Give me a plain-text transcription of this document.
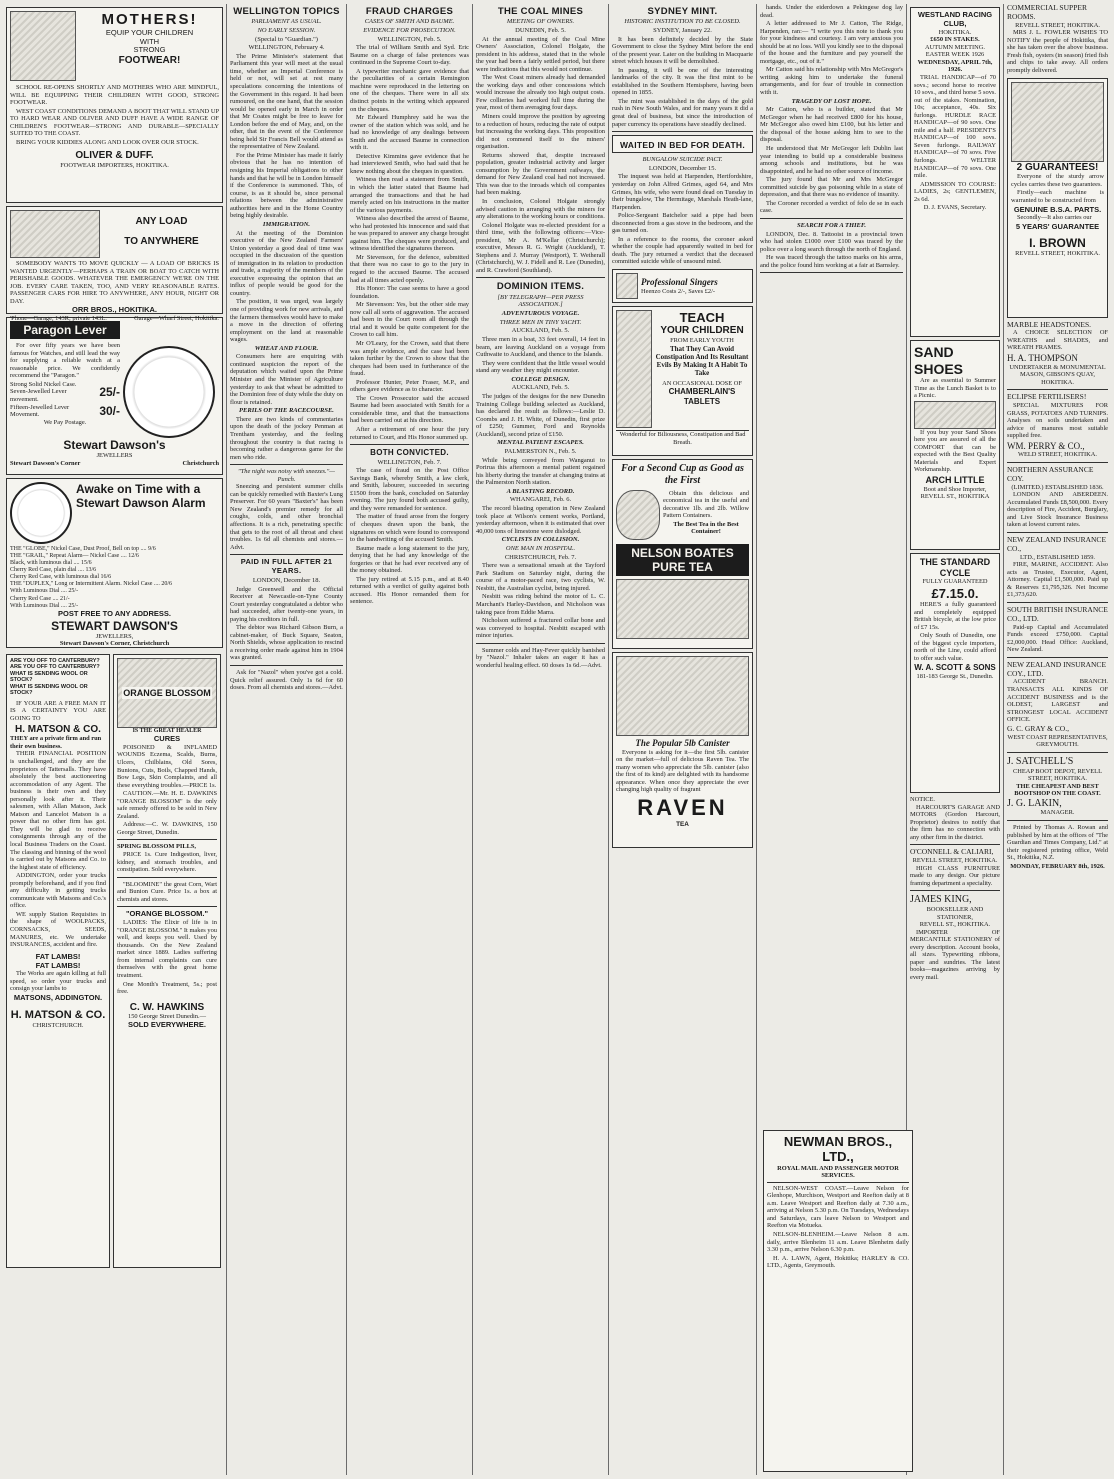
MOTHERS!
EQUIP YOUR CHILDREN
WITH
STRONG
FOOTWEAR!

SCHOOL RE-OPENS SHORTLY AND MOTHERS WHO ARE MINDFUL, WILL BE EQUIPPING THEIR CHILDREN WITH GOOD, STRONG FOOTWEAR.

WEST COAST CONDITIONS DEMAND A BOOT THAT WILL STAND UP TO HARD WEAR AND OLIVER AND DUFF HAVE A WIDE RANGE OF CHILDREN'S FOOTWEAR—STRONG AND DURABLE—SPECIALLY SUITED TO THE COAST.

BRING YOUR KIDDIES ALONG AND LOOK OVER OUR STOCK.

OLIVER & DUFF.
FOOTWEAR IMPORTERS, HOKITIKA.
ANY LOAD
TO ANYWHERE

SOMEBODY WANTS TO MOVE QUICKLY — A LOAD OF BRICKS IS WANTED URGENTLY—PERHAPS A TRAIN OR BOAT TO CATCH WITH PERISHABLE GOODS. WHATEVER THE EMERGENCY WE'RE ON THE JOB. EVERY CARE TAKEN, TOO, AND VERY REASONABLE RATES. PASSENGER CARS FOR HIRE TO ANYWHERE, ANY HOUR, NIGHT OR DAY.

ORR BROS., HOKITIKA.
'Phone—Garage, 143R; private 143L.	Garage—Wharf Street, Hokitika.
Paragon Lever

For over fifty years we have been famous for Watches, and still lead the way for supplying a reliable watch at a reasonable price. We confidently recommend the "Paragon."

Strong Solid Nickel Case. Seven-Jewelled Lever movement.
25/-
Fifteen-Jewelled Lever Movement.	30/-
We Pay Postage.
Stewart Dawson's
JEWELLERS
Stewart Dawson's Corner	Christchurch
Awake on Time with a Stewart Dawson Alarm
THE "GLOBE," Nickel Case, Dust Proof, Bell on top .... 9/6
THE "GRAIL," Repeat Alarm— Nickel Case .... 12/6
Black, with luminous dial .... 15/6
Cherry Red Case, plain dial .... 13/6
Cherry Red Case, with luminous dial 16/6
THE "DUPLEX," Long or Intermittent Alarm. Nickel Case .... 20/6
With Luminous Dial .... 25/-
Cherry Red Case .... 21/-
With Luminous Dial .... 25/-
POST FREE TO ANY ADDRESS.
STEWART DAWSON'S
JEWELLERS,
Stewart Dawson's Corner, Christchurch
ARE YOU OFF TO CANTERBURY?
ARE YOU OFF TO CANTERBURY?
WHAT IS SENDING WOOL OR STOCK?
WHAT IS SENDING WOOL OR STOCK?

IF YOUR ARE A FREE MAN IT IS A CERTAINTY YOU ARE GOING TO

H. MATSON & CO.
THEY are a private firm and run their own business.

THEIR FINANCIAL POSITION is unchallenged, and they are the proprietors of Tattersalls. They have absolutely the best auctioneering accommodation of any Agent. The business is their own and they personally look after it. Their salesmen, with Allan Matson, Jack Matson and Lancelot Matson is a power that no other firm has got. They will be glad to receive consignments through any of the local Business Traders on the Coast. The classing and binning of the wool is carried out by Matsons and Co. to the highest state of efficiency.

ADDINGTON, order your trucks promptly beforehand, and if you find any difficulty in getting trucks communicate with Matsons and Co.'s office.

WE supply Station Requisites in the shape of WOOLPACKS, CORNSACKS, SEEDS, MANURES, etc. We undertake INSURANCES, accident and fire.

FAT LAMBS!
FAT LAMBS!

The Works are again killing at full speed, so order your trucks and consign your lambs to

MATSONS, ADDINGTON.
H. MATSON & CO.
CHRISTCHURCH.
ORANGE BLOSSOM
IS THE GREAT HEALER
CURES

POISONED & INFLAMED WOUNDS Eczema, Scalds, Burns, Ulcers, Chilblains, Old Sores, Bunions, Cuts, Boils, Chapped Hands, Bow Legs, Skin Complaints, and all these everything troubles.—PRICE 1s.

CAUTION.—Mr. H. E. DAWKINS "ORANGE BLOSSOM" is the only safe remedy offered to be sold in New Zealand.

Address:—C. W. DAWKINS, 150 George Street, Dunedin.

SPRING BLOSSOM PILLS,

PRICE 1s. Cure Indigestion, liver, kidney, and stomach troubles, and constipation. Sold everywhere.

"BLOOMINE" the great Corn, Wart and Bunion Cure. Price 1s. a box at chemists and stores.

"ORANGE BLOSSOM."

LADIES: The Elixir of life is in "ORANGE BLOSSOM." It makes you well, and keeps you well. Used by thousands. On the New Zealand market since 1889. Ladies suffering from internal complaints can cure themselves with the great home treatment.

One Month's Treatment, 5s.; post free.

C. W. HAWKINS
150 George Street Dunedin.—
SOLD EVERYWHERE.
WELLINGTON TOPICS
PARLIAMENT AS USUAL.
NO EARLY SESSION.
(Special to "Guardian.")
WELLINGTON, February 4.

The Prime Minister's statement that Parliament this year will meet at the usual time, whether an Imperial Conference is held or not, will set at rest many speculations concerning the intentions of the Government in this regard. It had been rumoured, on the one hand, that the session would be opened early in March in order that Mr Coates might be free to leave for London before the end of May, and, on the other, that in the event of the Conference being held Sir Francis Bell would attend as the representative of New Zealand.

For the Prime Minister has made it fairly obvious that he has no intention of resigning his Imperial obligations to other hands and that he will be in London himself if the Conference is summoned. This, of course, is as it should be, since personal relations between the administrative authorities here and in the Home Country being highly desirable.

IMMIGRATION.

At the meeting of the Dominion executive of the New Zealand Farmers' Union yesterday a good deal of time was occupied in the discussion of the question of immigration in its relation to production and trade, a majority of the members of the executive expressing the opinion that an influx of people would be good for the country.

The position, it was urged, was largely one of providing work for new arrivals, and the farmers themselves would have to make a move in the direction of offering employment on the land at reasonable wages.

WHEAT AND FLOUR.

Consumers here are enquiring with continued suspicion the report of the deputation which waited upon the Prime Minister and the Minister of Agriculture yesterday to ask that wheat be admitted to the Dominion free of duty while the duty on flour is retained.

PERILS OF THE RACECOURSE.

There are two kinds of commentaries upon the death of the jockey Penman at Trentham yesterday, and the feeling throughout the country is that racing is becoming rather a dangerous game for the men who ride.

"The night was noisy with sneezes."—Punch.

Sneezing and persistent summer chills can be quickly remedied with Baxter's Lung Preserver. For 60 years "Baxter's" has been New Zealand's premier remedy for all coughs, colds, and other bronchial affections. It is a rich, penetrating specific that gets to the root of all throat and chest troubles. 1s 6d all chemists and stores.—Advt.

PAID IN FULL AFTER 21 YEARS.
LONDON, December 18.

Judge Greenwell and the Official Receiver at Newcastle-on-Tyne County Court yesterday congratulated a debtor who had succeeded, after twenty-one years, in paying his creditors in full.

The debtor was Richard Gibson Burn, a cabinet-maker, of Buck Square, Seaton, North Shields, whose application to rescind a receiving order made against him in 1904 was granted.

Ask for "Nazol" when you've got a cold. Quick relief assured. Only 1s 6d for 60 doses. From all chemists and stores.—Advt.

FRAUD CHARGES
CASES OF SMITH AND BAUME.
EVIDENCE FOR PROSECUTION.
WELLINGTON, Feb. 5.

The trial of William Smith and Syd. Eric Baume on a charge of false pretences was continued in the Supreme Court to-day.

A typewriter mechanic gave evidence that the peculiarities of a certain Remington machine were reproduced in the lettering on one of the cheques. There were in all six distinct points in the writing which appeared on the cheques.

Mr Edward Humphrey said he was the owner of the station which was sold, and he had no knowledge of any dealings between Smith and the accused Baume in connection with it.

Detective Kimmins gave evidence that he had interviewed Smith, who had said that he knew nothing about the cheques in question.

Witness then read a statement from Smith, in which the latter stated that Baume had arranged the transactions and that he had merely acted on his instructions in the matter of the various payments.

Witness also described the arrest of Baume, who had protested his innocence and said that he was prepared to answer any charge brought against him. The cheques were produced, and witness identified the signatures thereon.

Mr Stevenson, for the defence, submitted that there was no case to go to the jury in regard to the accused Baume. The accused had at all times acted openly.

His Honor: The case seems to have a good foundation.

Mr Stevenson: Yes, but the other side may now call all sorts of aggravation. The accused had been in the Court room all through the trial and it would be quite competent for the Crown to call him.

Mr O'Leary, for the Crown, said that there was ample evidence, and the case had been taken further by the Crown to show that the cheques had been used in furtherance of the fraud.

Professor Hunter, Peter Fraser, M.P., and others gave evidence as to character.

The Crown Prosecutor said the accused Baume had been associated with Smith for a considerable time, and that the transactions had been carried out at his direction.

After a retirement of one hour the jury returned to Court, and His Honor summed up.

BOTH CONVICTED.
WELLINGTON, Feb. 7.

The case of fraud on the Post Office Savings Bank, whereby Smith, a law clerk, and Smith, labourer, succeeded in securing £1500 from the bank, concluded on Saturday evening. The jury found both accused guilty, and they were remanded for sentence.

The matter of fraud arose from the forgery of cheques drawn upon the bank, the signatures on which were found to correspond to the handwriting of the accused Smith.

Baume made a long statement to the jury, denying that he had any knowledge of the forgeries or that he had ever received any of the money obtained.

The jury retired at 5.15 p.m., and at 8.40 returned with a verdict of guilty against both accused. His Honor remanded them for sentence.

THE COAL MINES
MEETING OF OWNERS.
DUNEDIN, Feb. 5.

At the annual meeting of the Coal Mine Owners' Association, Colonel Holgate, the president in his address, stated that in the whole the year had been a fairly settled period, but there were indications that this would not continue.

The West Coast miners already had demanded the working days and other concessions which would increase the already too high output costs. Few collieries had worked full time during the year, most of them averaging four days.

Miners could improve the position by agreeing to a reduction of hours, reducing the rate of output but increasing the working days. This proposition did not commend itself to the miners' organisation.

Returns showed that, despite increased population, greater industrial activity and larger consumption by the Government railways, the demand for New Zealand coal had not increased. This was due to the inroads which oil companies had been making.

In conclusion, Colonel Holgate strongly advised caution in arranging with the miners for any alterations to the working hours or conditions.

Colonel Holgate was re-elected president for a third time, with the following officers:—Vice-president, Mr A. M'Kellar (Christchurch); executive, Messrs R. G. Wright (Auckland), T. Stephens and J. Murray (Westport), T. Wetherall (Christchurch), W. J. Fidell and R. Lee (Dunedin), and R. Crawford (Southland).

DOMINION ITEMS.
[BY TELEGRAPH—PER PRESS ASSOCIATION.]
ADVENTUROUS VOYAGE.
THREE MEN IN TINY YACHT.
AUCKLAND, Feb. 5.

Three men in a boat, 33 feet overall, 14 feet in beam, are leaving Auckland on a voyage from Cuthwaite to Auckland, and thence to the Islands.

They were confident that the little vessel would stand any weather they might encounter.

COLLEGE DESIGN.
AUCKLAND, Feb. 5.

The judges of the designs for the new Dunedin Training College building selected as Auckland, has declared the result as follows:—Leslie D. Coombs and J. H. White, of Dunedin, first prize of £250; Gummer, Ford and Reynolds (Auckland), second prize of £150.

MENTAL PATIENT ESCAPES.
PALMERSTON N., Feb. 5.

While being conveyed from Wanganui to Porirua this afternoon a mental patient regained his liberty during the transfer at changing trains at the Palmerston North station.

A BLASTING RECORD.
WHANGAREI, Feb. 6.

The record blasting operation in New Zealand took place at Wilson's cement works, Portland, yesterday afternoon, when it is estimated that over 40,000 tons of limestone were dislodged.

CYCLISTS IN COLLISION.
ONE MAN IN HOSPITAL.
CHRISTCHURCH, Feb. 7.

There was a sensational smash at the Tayford Park Stadium on Saturday night, during the course of a motor-paced race, two cyclists, W. Nesbitt, the Australian cyclist, being injured.

Nesbitt was riding behind the motor of L. C. Marchant's Harley-Davidson, and Nicholson was taking pace from Eddie Marra.

Nicholson suffered a fractured collar bone and was conveyed to hospital. Nesbitt escaped with minor injuries.

Summer colds and Hay-Fever quickly banished by "Nazol." Inhaler takes an eager it has a wonderful healing effect. 60 doses 1s 6d.—Advt.

SYDNEY MINT.
HISTORIC INSTITUTION TO BE CLOSED.
SYDNEY, January 22.

It has been definitely decided by the State Government to close the Sydney Mint before the end of the present year. Later on the building in Macquarie street which houses it will be demolished.

In passing, it will be one of the interesting landmarks of the city. It was the first mint to be established in the Southern Hemisphere, having been opened in 1855.

The mint was established in the days of the gold rush in New South Wales, and for many years it did a great deal of business, but since the introduction of paper currency its operations have steadily declined.

WAITED IN BED FOR DEATH.
BUNGALOW SUICIDE PACT.
LONDON, December 15.

The inquest was held at Harpenden, Hertfordshire, yesterday on John Alfred Grimes, aged 64, and Mrs Grimes, his wife, who were found dead on Tuesday in their bungalow, The Hermitage, Marshals Heath-lane, Harpenden.

Police-Sergeant Batchelor said a pipe had been disconnected from a gas stove in the bedroom, and the gas turned on.

In a reference to the rooms, the coroner asked whether the couple had apparently waited in bed for death. The jury returned a verdict that the deceased committed suicide while of unsound mind.

Professional Singers
Heenzo Costs 2/-, Saves £2/-
TEACH
YOUR CHILDREN
FROM EARLY YOUTH
That They Can Avoid Constipation And Its Resultant Evils By Making It A Habit To Take
AN OCCASIONAL DOSE OF
CHAMBERLAIN'S TABLETS
Wonderful for Biliousness, Constipation and Bad Breath.
For a Second Cup as Good as the First

Obtain this delicious and economical tea in the useful and decorative 1lb. and 2lb. Willow Pattern Containers.

The Best Tea in the Best Container!
NELSON BOATES PURE TEA
The Popular 5lb Canister

Everyone is asking for it—the first 5lb. canister on the market—full of delicious Raven Tea. The many women who appreciate the 5lb. canister (also the first of its kind) are delighted with its handsome appearance. When once they appreciate the ever changing high quality of fragrant

RAVEN
TEA

hands. Under the eiderdown a Pekingese dog lay dead.

A letter addressed to Mr J. Catton, The Ridge, Harpenden, ran:— "I write you this note to thank you for your kindness and courtesy. I am very anxious you should be at no loss. Will you kindly see to the disposal of the house and the furniture and pay yourself the mortgage, etc., out of it."

Mr Catton said his relationship with Mrs McGregor's writing asking him to undertake the funeral arrangements, and for fear of trouble in connection with it.

TRAGEDY OF LOST HOPE.

Mr Catton, who is a builder, stated that Mr McGregor when he had received £800 for his house, Mr McGregor also owed him £100, but his letter and the disposal of the house asking him to see to the disposal.

He understood that Mr McGregor left Dublin last year intending to build up a considerable business among schools and institutions, but he was disappointed, and he had no other source of income.

The jury found that Mr and Mrs McGregor committed suicide by gas poisoning while in a state of depression, and that there was no evidence of insanity.

The Coroner recorded a verdict of felo de se in each case.

SEARCH FOR A THIEF.

LONDON, Dec. 8. Tattooist in a provincial town who had stolen £1000 over £100 was traced by the police over a long search through the north of England.

He was traced through the tattoo marks on his arms, and the police found him working at a fair at Barnsley.

NEWMAN BROS., LTD.,
ROYAL MAIL AND PASSENGER MOTOR SERVICES.

NELSON-WEST COAST.—Leave Nelson for Glenhope, Murchison, Westport and Reefton daily at 8 a.m. Leave Westport and Reefton daily at 7.30 a.m., arriving at Nelson 5.30 p.m. On Tuesdays, Wednesdays and Saturdays, cars leave Nelson to Westport and Reefton via Motueka.

NELSON-BLENHEIM.—Leave Nelson 8 a.m. daily, arrive Blenheim 11 a.m. Leave Blenheim daily 3.30 p.m., arrive Nelson 6.30 p.m.

H. A. LAWN, Agent, Hokitika; HARLEY & CO. LTD., Agents, Greymouth.

WESTLAND RACING CLUB,
HOKITIKA.
£650 IN STAKES.
AUTUMN MEETING.
EASTER WEEK 1926
WEDNESDAY, APRIL 7th, 1926.

TRIAL HANDICAP—of 70 sovs.; second horse to receive 10 sovs., and third horse 5 sovs. out of the stakes. Nomination, 10s; acceptance, 40s. Six furlongs. HURDLE RACE HANDICAP—of 90 sovs. One mile and a half. PRESIDENT'S HANDICAP—of 100 sovs. Seven furlongs. RAILWAY HANDICAP—of 70 sovs. Five furlongs. WELTER HANDICAP—of 70 sovs. One mile.

ADMISSION TO COURSE: LADIES, 2s; GENTLEMEN, 2s 6d.

D. J. EVANS, Secretary.
SAND SHOES

Are as essential to Summer Time as the Lunch Basket is to a Picnic.

If you buy your Sand Shoes here you are assured of all the COMFORT that can be expected with the Best Quality Materials and Expert Workmanship.

ARCH LITTLE
Boot and Shoe Importer, REVELL ST., HOKITIKA
THE STANDARD CYCLE
FULLY GUARANTEED
£7.15.0.

HERE'S a fully guaranteed and completely equipped British bicycle, at the low price of £7 15s.

Only South of Dunedin, one of the biggest cycle importers, north of the Line, could afford to offer such value.

W. A. SCOTT & SONS
181-183 George St., Dunedin.
NOTICE.

HARCOURT'S GARAGE AND MOTORS (Gordon Harcourt, Proprietor) desires to notify that the firm has no connection with any other firm in the district.

O'CONNELL & CALIARI,
REVELL STREET, HOKITIKA.

HIGH CLASS FURNITURE made to any design. Our picture framing department a speciality.

JAMES KING,
BOOKSELLER AND STATIONER,
REVELL ST., HOKITIKA.

IMPORTER OF MERCANTILE STATIONERY of every description. Account books, all sizes. Typewriting ribbons, paper and sundries. The latest books—magazines arriving by every mail.

COMMERCIAL SUPPER ROOMS.
REVELL STREET, HOKITIKA.

MRS J. L. FOWLER WISHES TO NOTIFY the people of Hokitika, that she has taken over the above business. Fresh fish, oysters (in season) fried fish and chips to take away. All orders promptly delivered.

2 GUARANTEES!

Everyone of the sturdy arrow cycles carries these two guarantees.

Firstly—each machine is warranted to be constructed from

GENUINE B.S.A. PARTS.

Secondly—It also carries our

5 YEARS' GUARANTEE
I. BROWN
REVELL STREET, HOKITIKA.
MARBLE HEADSTONES.

A CHOICE SELECTION OF WREATHS and SHADES, and WREATH FRAMES.

H. A. THOMPSON
UNDERTAKER & MONUMENTAL MASON, GIBSON'S QUAY, HOKITIKA.
ECLIPSE FERTILISERS!

SPECIAL MIXTURES FOR GRASS, POTATOES AND TURNIPS. Analyses on soils undertaken and advice of manures most suitable supplied free.

WM. PERRY & CO.,
WELD STREET, HOKITIKA.
NORTHERN ASSURANCE COY.
(LIMITED.) ESTABLISHED 1836.

LONDON AND ABERDEEN. Accumulated Funds £8,500,000. Every description of Fire, Accident, Burglary, and Live Stock Insurance Business taken at lowest current rates.

NEW ZEALAND INSURANCE CO.,
LTD., ESTABLISHED 1859.

FIRE, MARINE, ACCIDENT. Also acts as Trustee, Executor, Agent, Attorney. Capital £1,500,000. Paid up & Reserves £1,795,326. Net Income £1,373,620.

SOUTH BRITISH INSURANCE CO., LTD.

Paid-up Capital and Accumulated Funds exceed £750,000. Capital £2,000,000. Head Office: Auckland, New Zealand.

NEW ZEALAND INSURANCE COY., LTD.

ACCIDENT BRANCH. TRANSACTS ALL KINDS OF ACCIDENT BUSINESS and is the OLDEST, LARGEST and STRONGEST LOCAL ACCIDENT OFFICE.

G. C. GRAY & CO.,
WEST COAST REPRESENTATIVES, GREYMOUTH.
J. SATCHELL'S
CHEAP BOOT DEPOT, REVELL STREET, HOKITIKA.
THE CHEAPEST AND BEST BOOTSHOP ON THE COAST.
J. G. LAKIN,
MANAGER.

Printed by Thomas A. Rowan and published by him at the offices of "The Guardian and Times Company, Ltd." at their registered printing office, Weld St., Hokitika, N.Z.

MONDAY, FEBRUARY 8th, 1926.
